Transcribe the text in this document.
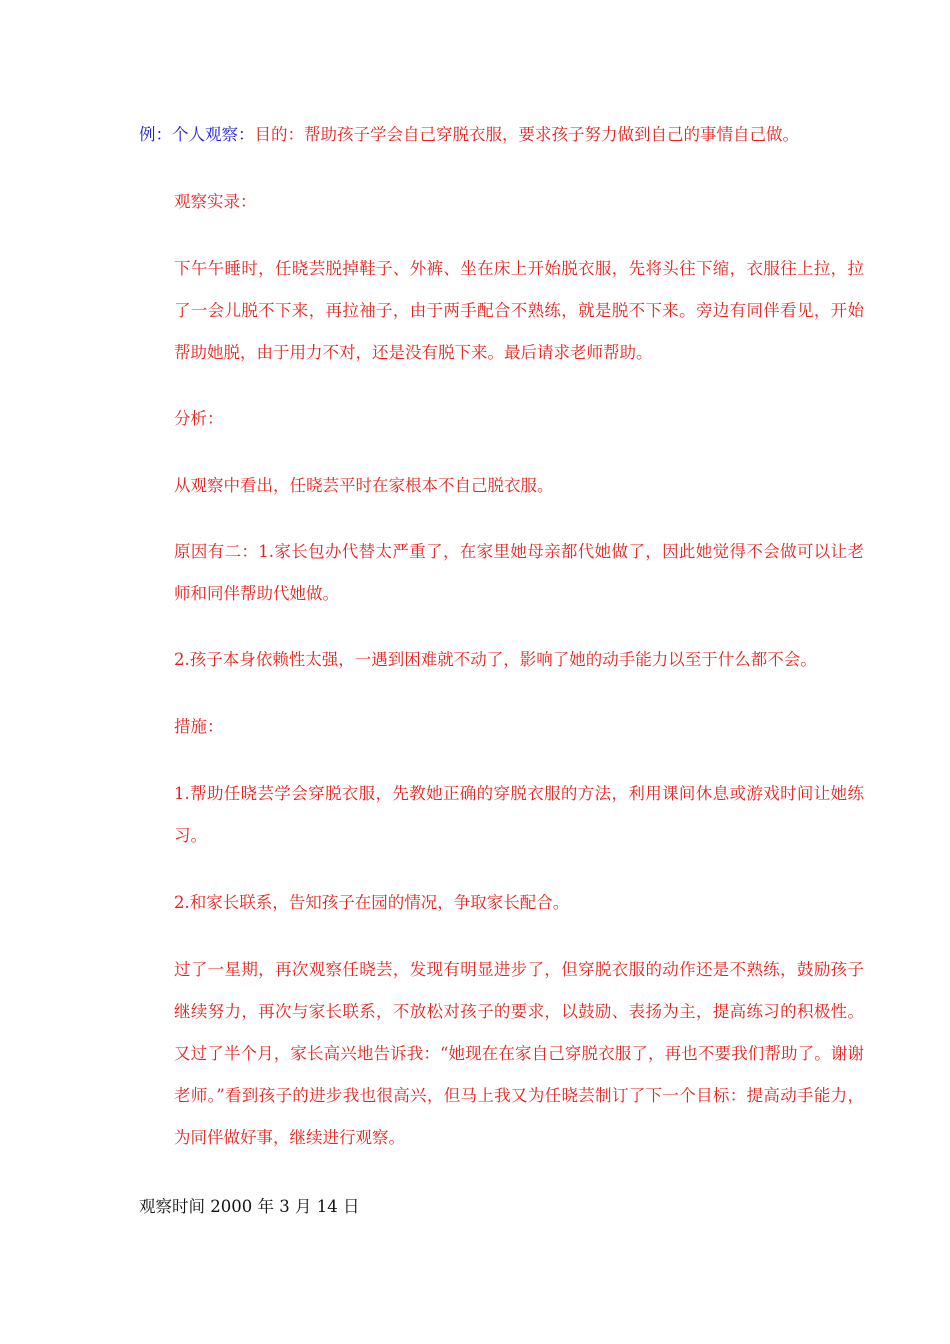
例：个人观察：目的：帮助孩子学会自己穿脱衣服，要求孩子努力做到自己的事情自己做。

观察实录：

下午午睡时，任晓芸脱掉鞋子、外裤、坐在床上开始脱衣服，先将头往下缩，衣服往上拉，拉了一会儿脱不下来，再拉袖子，由于两手配合不熟练，就是脱不下来。旁边有同伴看见，开始帮助她脱，由于用力不对，还是没有脱下来。最后请求老师帮助。

分析：

从观察中看出，任晓芸平时在家根本不自己脱衣服。

原因有二：1.家长包办代替太严重了，在家里她母亲都代她做了，因此她觉得不会做可以让老师和同伴帮助代她做。

2.孩子本身依赖性太强，一遇到困难就不动了，影响了她的动手能力以至于什么都不会。

措施：

1.帮助任晓芸学会穿脱衣服，先教她正确的穿脱衣服的方法，利用课间休息或游戏时间让她练习。

2.和家长联系，告知孩子在园的情况，争取家长配合。

过了一星期，再次观察任晓芸，发现有明显进步了，但穿脱衣服的动作还是不熟练，鼓励孩子继续努力，再次与家长联系，不放松对孩子的要求，以鼓励、表扬为主，提高练习的积极性。又过了半个月，家长高兴地告诉我：“她现在在家自己穿脱衣服了，再也不要我们帮助了。谢谢老师。”看到孩子的进步我也很高兴，但马上我又为任晓芸制订了下一个目标：提高动手能力，为同伴做好事，继续进行观察。

观察时间 2000 年 3 月 14 日
